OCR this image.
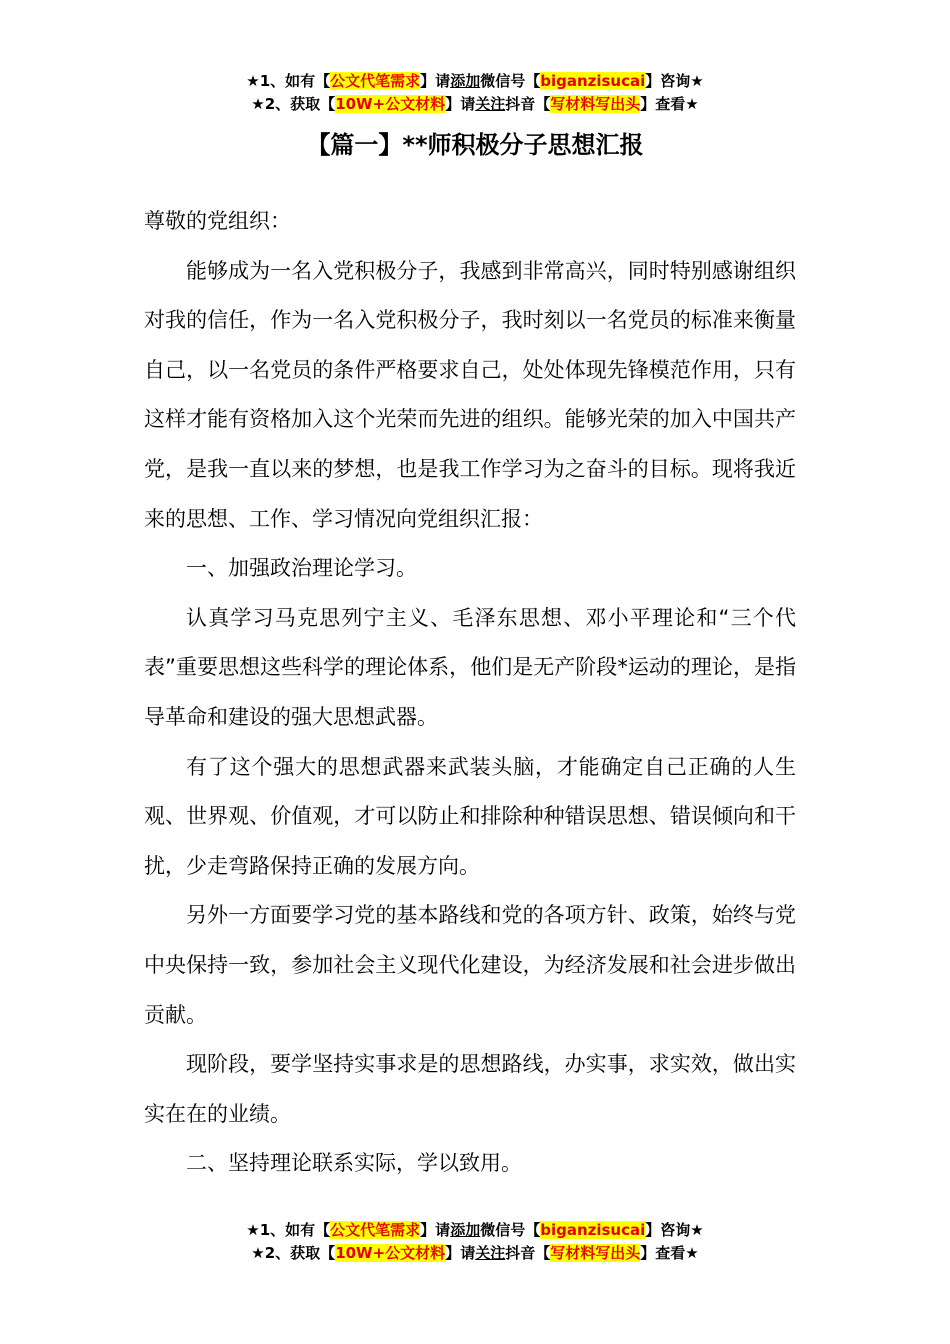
★1、如有【公文代笔需求】请添加微信号【biganzisucai】咨询★
★2、获取【10W+公文材料】请关注抖音【写材料写出头】查看★
【篇一】**师积极分子思想汇报

尊敬的党组织：

能够成为一名入党积极分子，我感到非常高兴，同时特别感谢组织对我的信任，作为一名入党积极分子，我时刻以一名党员的标准来衡量自己，以一名党员的条件严格要求自己，处处体现先锋模范作用，只有这样才能有资格加入这个光荣而先进的组织。能够光荣的加入中国共产党，是我一直以来的梦想，也是我工作学习为之奋斗的目标。现将我近来的思想、工作、学习情况向党组织汇报：

一、加强政治理论学习。

认真学习马克思列宁主义、毛泽东思想、邓小平理论和“三个代表”重要思想这些科学的理论体系，他们是无产阶段*运动的理论，是指导革命和建设的强大思想武器。

有了这个强大的思想武器来武装头脑，才能确定自己正确的人生观、世界观、价值观，才可以防止和排除种种错误思想、错误倾向和干扰，少走弯路保持正确的发展方向。

另外一方面要学习党的基本路线和党的各项方针、政策，始终与党中央保持一致，参加社会主义现代化建设，为经济发展和社会进步做出贡献。

现阶段，要学坚持实事求是的思想路线，办实事，求实效，做出实实在在的业绩。

二、坚持理论联系实际，学以致用。

★1、如有【公文代笔需求】请添加微信号【biganzisucai】咨询★
★2、获取【10W+公文材料】请关注抖音【写材料写出头】查看★
